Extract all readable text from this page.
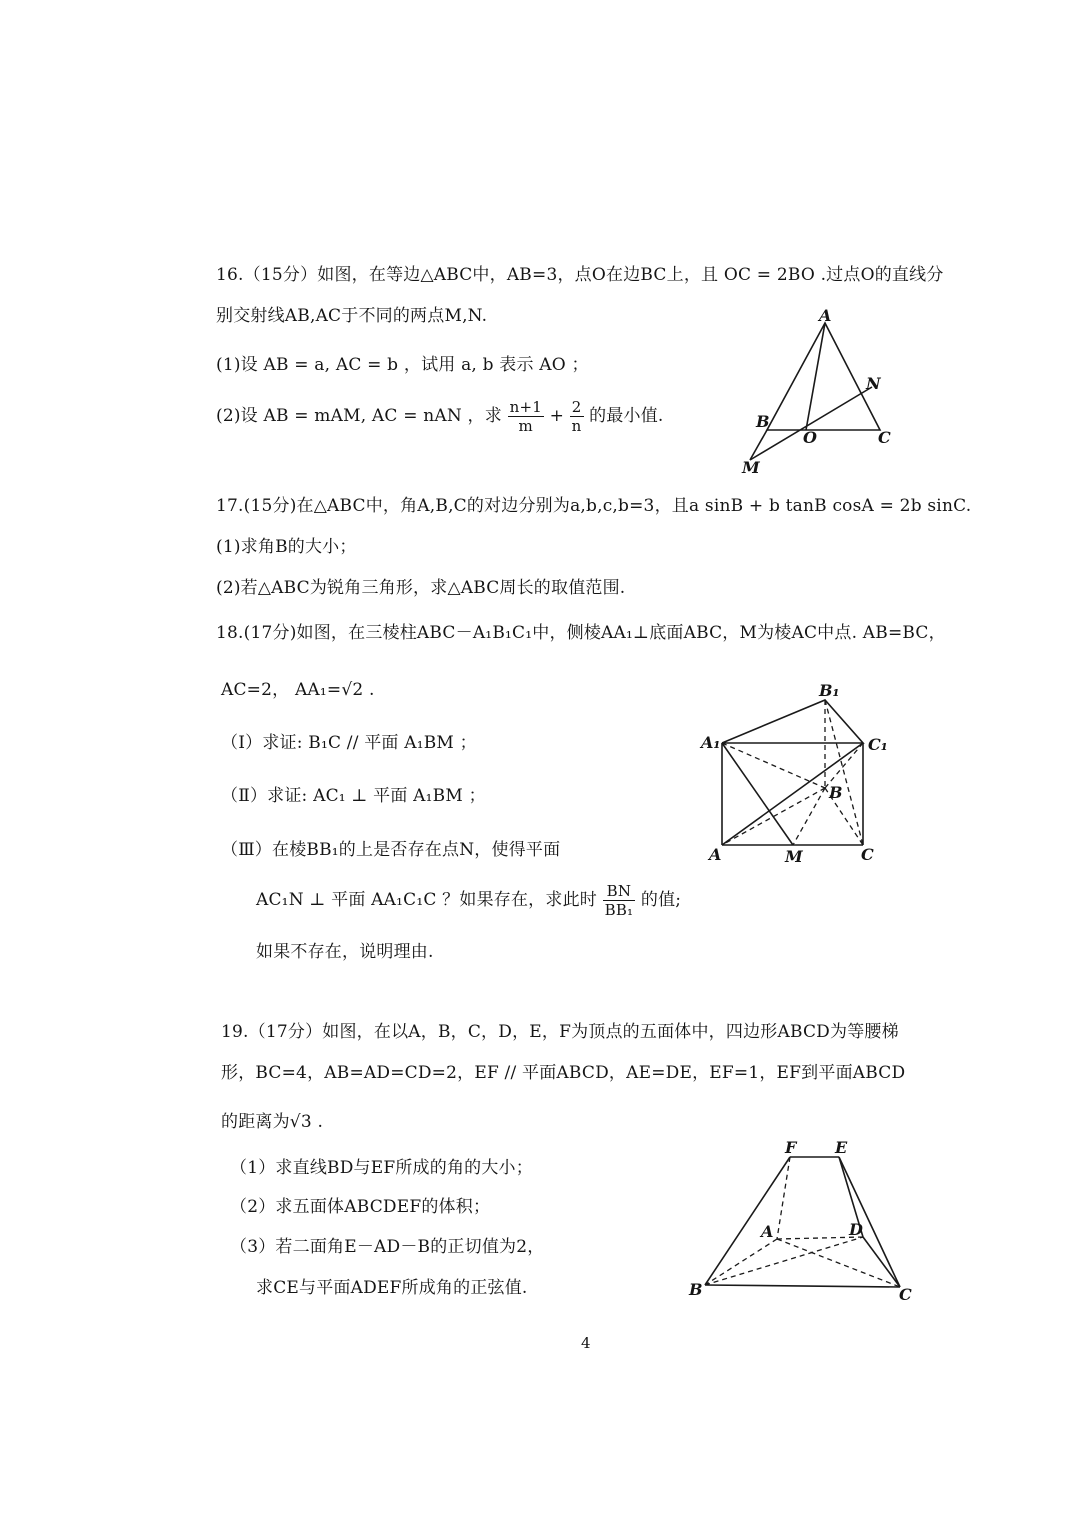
16.（15分）如图，在等边△ABC中，AB=3，点O在边BC上，且 OC = 2BO .过点O的直线分

别交射线AB,AC于不同的两点M,N.

(1)设 AB = a, AC = b ，试用 a, b 表示 AO ；

(2)设 AB = mAM, AC = nAN ，求 $\frac{n+1}{m} + \frac{2}{n}$ 的最小值.
A
B
C
O
N
M

17.(15分)在△ABC中，角A,B,C的对边分别为a,b,c,b=3，且a sinB + b tanB cosA = 2b sinC.

(1)求角B的大小；

(2)若△ABC为锐角三角形，求△ABC周长的取值范围.

18.(17分)如图，在三棱柱ABC－A₁B₁C₁中，侧棱AA₁⊥底面ABC，M为棱AC中点. AB=BC，

AC=2， AA₁=√2 .

（Ⅰ）求证: B₁C // 平面 A₁BM ；

（Ⅱ）求证: AC₁ ⊥ 平面 A₁BM ；

（Ⅲ）在棱BB₁的上是否存在点N，使得平面

AC₁N ⊥ 平面 AA₁C₁C ？如果存在，求此时 $\frac{BN}{\text{BB₁}}$ 的值;

如果不存在，说明理由.

B₁
A₁	C₁
B
A	M	C

19.（17分）如图，在以A，B，C，D，E，F为顶点的五面体中，四边形ABCD为等腰梯

形，BC=4，AB=AD=CD=2，EF // 平面ABCD，AE=DE，EF=1，EF到平面ABCD

的距离为√3 .

（1）求直线BD与EF所成的角的大小；

（2）求五面体ABCDEF的体积；

（3）若二面角E－AD－B的正切值为2，

求CE与平面ADEF所成角的正弦值.

F E
A	D
B	C

4
